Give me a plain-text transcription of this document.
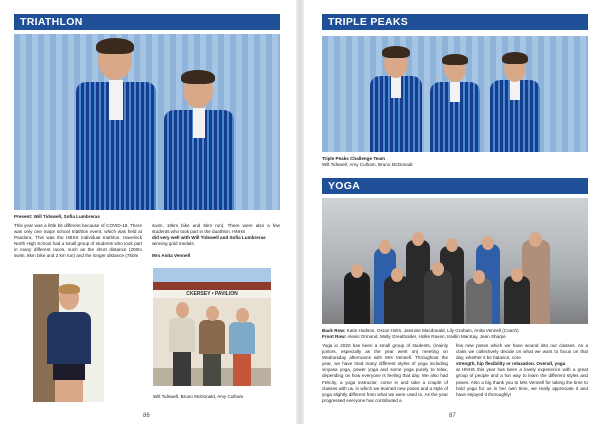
TRIATHLON
Present: Will Tidswell, Sofia Lumbreras
This year was a little bit different because of COVID-19. There was only one major school triathlon event, which was held at Pandora. This was the HBSS individual triathlon. Havelock North High School had a small group of students who took part in many different races, such as the short distance (200m swim, 8km bike and 2 km run) and the longer distance (750m
swim, 19km bike and 5km run). There were also a few students who took part in the duathlon. HNHS
did very well with Will Tidswell and Sofia Lumbreras
winning gold medals.
Mrs Anita Vennell
CKERSEY • PAVILION
Will Tidswell, Bruno McDonald, Amy Culham
86
TRIPLE PEAKS
Triple Peaks Challenge Team
Will Tidswell, Amy Culham, Bruno McDonald
YOGA
Back Row: Katie Hodson, Oscar Holm, Jasmine Macdonald, Lily Graham, Anita Vennell (Coach)
Front Row: Alexis Ormond, Molly Greatholder, Hollie Raven, Kaitlin MacKay, Jean Sharpe
Yoga in 2020 has been a small group of students, (mainly juniors, especially as the year went on) meeting on Wednesday afternoons with Mrs Vennell. Throughout the year, we have tried many different styles of yoga including vinyasa yoga, power yoga and some yoga purely to relax, depending on how everyone is feeling that day. We also had Felicity, a yoga instructor, come in and take a couple of classes with us, in which we learned new poses and a style of yoga slightly different from what we were used to. As the year progressed everyone has contributed a
few new poses which we have wound into our classes. As a class we collectively decide on what we want to focus on that day, whether it be balance, core
strength, hip flexibility or relaxation. Overall, yoga
at HNHS this year has been a lovely experience with a great group of people and a fun way to learn the different styles and poses. Also a big thank you to Mrs Vennell for taking the time to hold yoga for us in her own time, we really appreciate it and have enjoyed it thoroughly!
87
